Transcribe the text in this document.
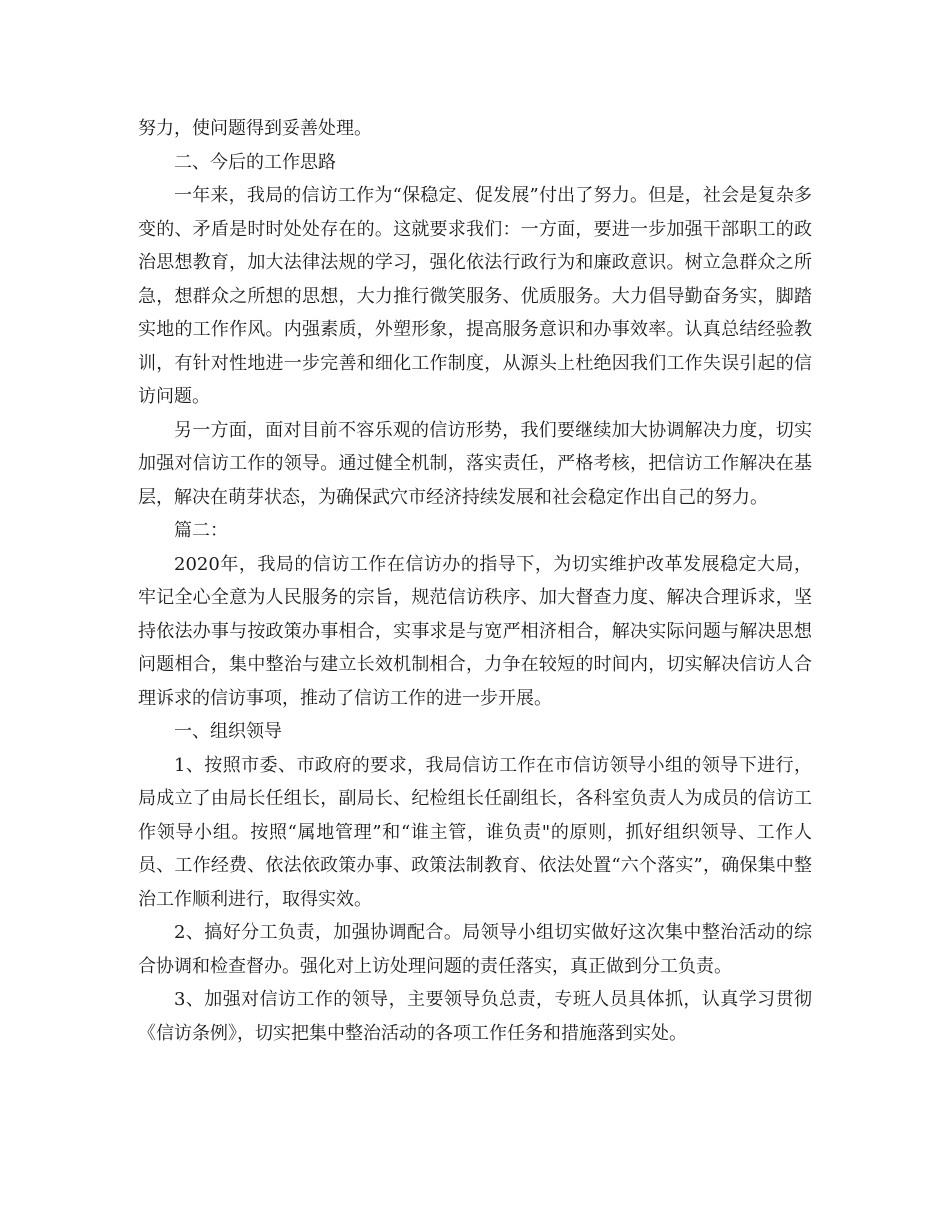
努力，使问题得到妥善处理。

二、今后的工作思路

一年来，我局的信访工作为“保稳定、促发展”付出了努力。但是，社会是复杂多变的、矛盾是时时处处存在的。这就要求我们：一方面，要进一步加强干部职工的政治思想教育，加大法律法规的学习，强化依法行政行为和廉政意识。树立急群众之所急，想群众之所想的思想，大力推行微笑服务、优质服务。大力倡导勤奋务实，脚踏实地的工作作风。内强素质，外塑形象，提高服务意识和办事效率。认真总结经验教训，有针对性地进一步完善和细化工作制度，从源头上杜绝因我们工作失误引起的信访问题。

另一方面，面对目前不容乐观的信访形势，我们要继续加大协调解决力度，切实加强对信访工作的领导。通过健全机制，落实责任，严格考核，把信访工作解决在基层，解决在萌芽状态，为确保武穴市经济持续发展和社会稳定作出自己的努力。

篇二：

2020年，我局的信访工作在信访办的指导下，为切实维护改革发展稳定大局，牢记全心全意为人民服务的宗旨，规范信访秩序、加大督查力度、解决合理诉求，坚持依法办事与按政策办事相合，实事求是与宽严相济相合，解决实际问题与解决思想问题相合，集中整治与建立长效机制相合，力争在较短的时间内，切实解决信访人合理诉求的信访事项，推动了信访工作的进一步开展。

一、组织领导

1、按照市委、市政府的要求，我局信访工作在市信访领导小组的领导下进行，局成立了由局长任组长，副局长、纪检组长任副组长，各科室负责人为成员的信访工作领导小组。按照“属地管理”和“谁主管，谁负责"的原则，抓好组织领导、工作人员、工作经费、依法依政策办事、政策法制教育、依法处置“六个落实”，确保集中整治工作顺利进行，取得实效。

2、搞好分工负责，加强协调配合。局领导小组切实做好这次集中整治活动的综合协调和检查督办。强化对上访处理问题的责任落实，真正做到分工负责。

3、加强对信访工作的领导，主要领导负总责，专班人员具体抓，认真学习贯彻《信访条例》，切实把集中整治活动的各项工作任务和措施落到实处。
